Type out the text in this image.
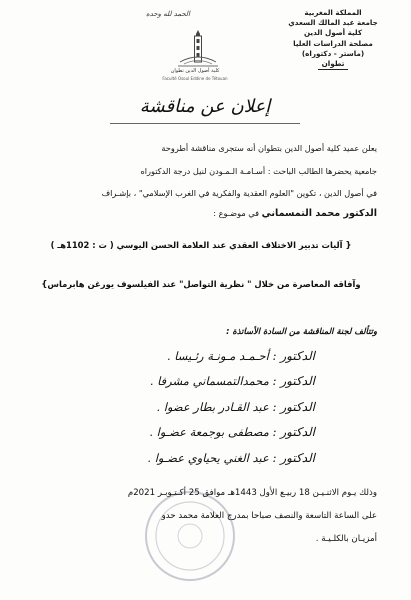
المملكة المغربية
جامعة عبد المالك السعدي
كلية أصول الدين
مصلحة الدراسات العليا
(ماستر - دكتوراه)
تطوان
الحمد لله وحده
كلية أصول الدين تطوان
Faculté Osoul Eddine de Tétouan
إعلان عن مناقشة
يعلن عميد كلية أصول الدين بتطوان أنه ستجرى مناقشة أطروحة
جامعية يحضرها الطالب الباحث : أسـامـة الـمـودن لنيل درجة الدكتوراه
في أصول الدين ، تكوين "العلوم العقدية والفكرية في الغرب الإسلامي" ، بإشـراف
الدكتور محمد التمسماني في موضـوع :
{ آليات تدبير الاختلاف العقدي عند العلامة الحسن اليوسي ( ت : 1102هـ )
وآفاقه المعاصرة من خلال " نظرية التواصل" عند الفيلسوف يورغن هابرماس}
وتتألف لجنة المناقشة من السادة الأساتذة :
الدكتور : أحـمـد مـونـة رئـيسا .
الدكتور : محمدالتمسماني مشرفا .
الدكتور : عبد القـادر بطار عضوا .
الدكتور : مصطفى بوجمعة عضـوا .
الدكتور : عبد الغني يحياوي عضـوا .
وذلك يـوم الاثنـيـن 18 ربيـع الأول 1443هـ موافق 25 أكـتـوبـر 2021م
على الساعة التاسعة والنصف صباحا بمدرج العلامة محمد حدو
أمزيـان بالكلـيـة .
